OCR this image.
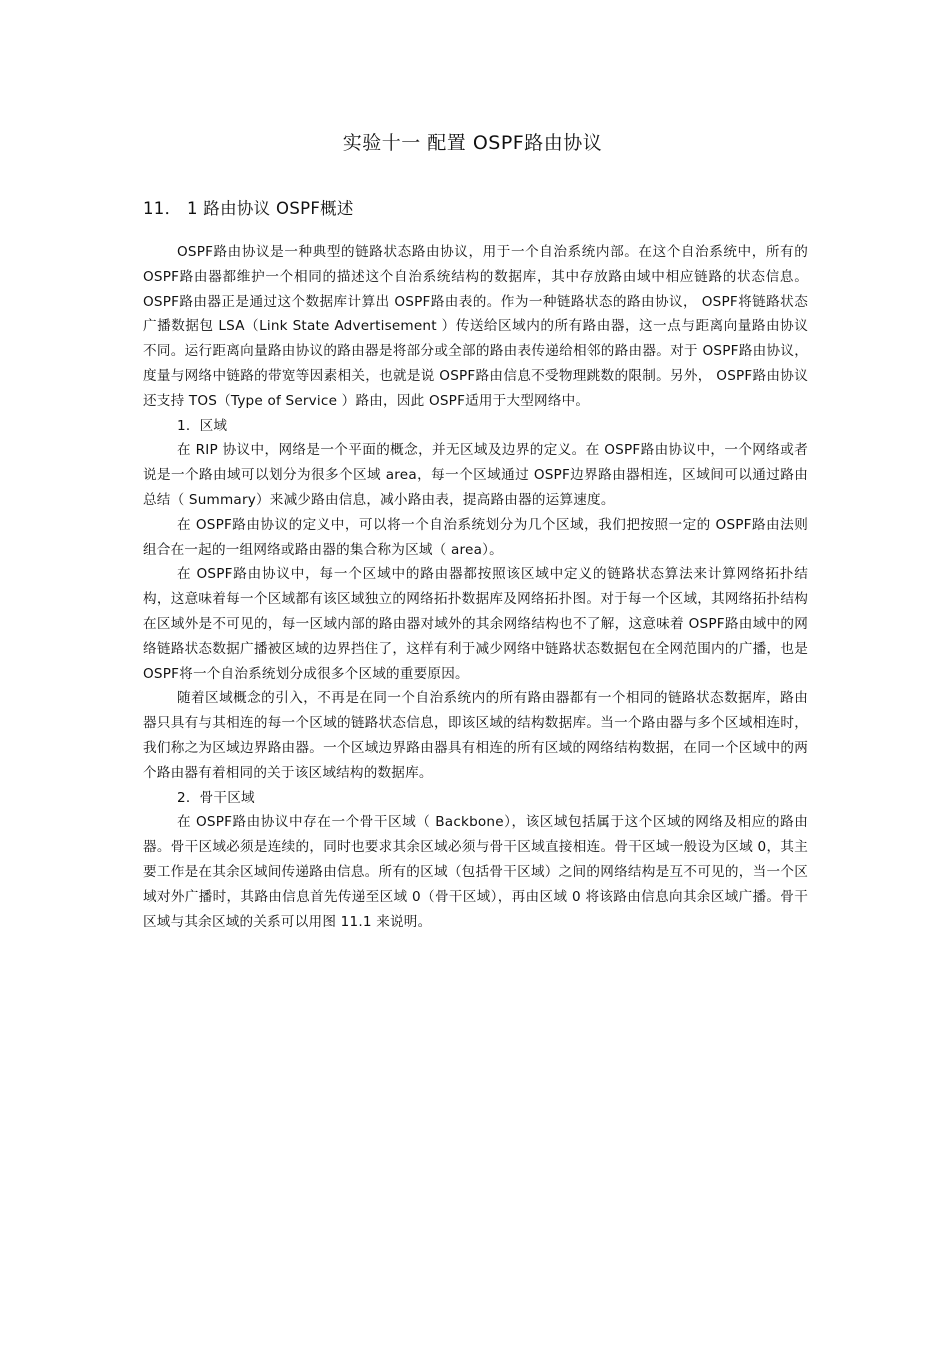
实验十一 配置 OSPF路由协议
11． 1 路由协议 OSPF概述

OSPF路由协议是一种典型的链路状态路由协议，用于一个自治系统内部。在这个自治系统中，所有的 OSPF路由器都维护一个相同的描述这个自治系统结构的数据库，其中存放路由域中相应链路的状态信息。 OSPF路由器正是通过这个数据库计算出 OSPF路由表的。作为一种链路状态的路由协议， OSPF将链路状态广播数据包 LSA（Link State Advertisement ）传送给区域内的所有路由器，这一点与距离向量路由协议不同。运行距离向量路由协议的路由器是将部分或全部的路由表传递给相邻的路由器。对于 OSPF路由协议，度量与网络中链路的带宽等因素相关，也就是说 OSPF路由信息不受物理跳数的限制。另外， OSPF路由协议还支持 TOS（Type of Service ）路由，因此 OSPF适用于大型网络中。

1．区域

在 RIP 协议中，网络是一个平面的概念，并无区域及边界的定义。在 OSPF路由协议中，一个网络或者说是一个路由域可以划分为很多个区域 area，每一个区域通过 OSPF边界路由器相连，区域间可以通过路由总结（ Summary）来减少路由信息，减小路由表，提高路由器的运算速度。

在 OSPF路由协议的定义中，可以将一个自治系统划分为几个区域，我们把按照一定的 OSPF路由法则组合在一起的一组网络或路由器的集合称为区域（ area）。

在 OSPF路由协议中，每一个区域中的路由器都按照该区域中定义的链路状态算法来计算网络拓扑结构，这意味着每一个区域都有该区域独立的网络拓扑数据库及网络拓扑图。对于每一个区域，其网络拓扑结构在区域外是不可见的，每一区域内部的路由器对域外的其余网络结构也不了解，这意味着 OSPF路由域中的网络链路状态数据广播被区域的边界挡住了，这样有利于减少网络中链路状态数据包在全网范围内的广播，也是 OSPF将一个自治系统划分成很多个区域的重要原因。

随着区域概念的引入，不再是在同一个自治系统内的所有路由器都有一个相同的链路状态数据库，路由器只具有与其相连的每一个区域的链路状态信息，即该区域的结构数据库。当一个路由器与多个区域相连时，我们称之为区域边界路由器。一个区域边界路由器具有相连的所有区域的网络结构数据，在同一个区域中的两个路由器有着相同的关于该区域结构的数据库。

2．骨干区域

在 OSPF路由协议中存在一个骨干区域（ Backbone），该区域包括属于这个区域的网络及相应的路由器。骨干区域必须是连续的，同时也要求其余区域必须与骨干区域直接相连。骨干区域一般设为区域 0，其主要工作是在其余区域间传递路由信息。所有的区域（包括骨干区域）之间的网络结构是互不可见的，当一个区域对外广播时，其路由信息首先传递至区域 0（骨干区域），再由区域 0 将该路由信息向其余区域广播。骨干区域与其余区域的关系可以用图 11.1 来说明。
